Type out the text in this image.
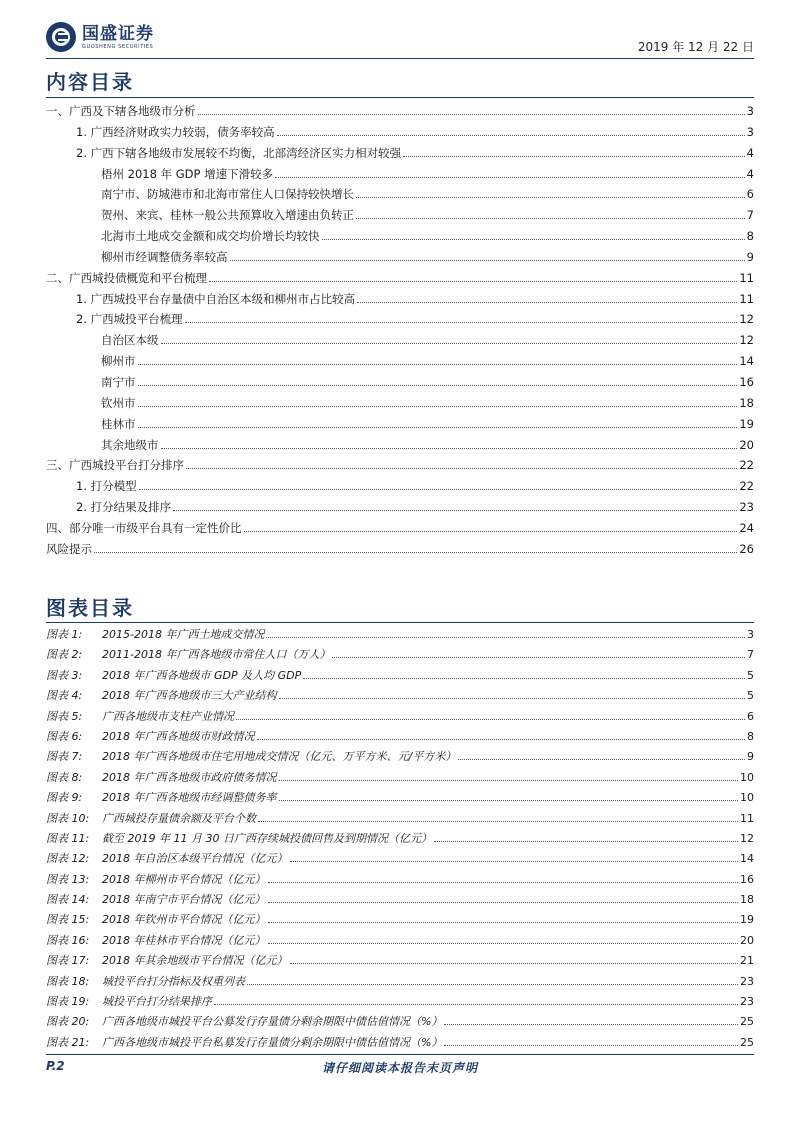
国盛证券
GUOSHENG SECURITIES	2019 年 12 月 22 日
内容目录
一、广西及下辖各地级市分析	3
1. 广西经济财政实力较弱，债务率较高	3
2. 广西下辖各地级市发展较不均衡，北部湾经济区实力相对较强	4
梧州 2018 年 GDP 增速下滑较多	4
南宁市、防城港市和北海市常住人口保持较快增长	6
贺州、来宾、桂林一般公共预算收入增速由负转正	7
北海市土地成交金额和成交均价增长均较快	8
柳州市经调整债务率较高	9
二、广西城投债概览和平台梳理	11
1. 广西城投平台存量债中自治区本级和柳州市占比较高	11
2. 广西城投平台梳理	12
自治区本级	12
柳州市	14
南宁市	16
钦州市	18
桂林市	19
其余地级市	20
三、广西城投平台打分排序	22
1. 打分模型	22
2. 打分结果及排序	23
四、部分唯一市级平台具有一定性价比	24
风险提示	26
图表目录
图表 1:	2015-2018 年广西土地成交情况	3
图表 2:	2011-2018 年广西各地级市常住人口（万人）	7
图表 3:	2018 年广西各地级市 GDP 及人均 GDP	5
图表 4:	2018 年广西各地级市三大产业结构	5
图表 5:	广西各地级市支柱产业情况	6
图表 6:	2018 年广西各地级市财政情况	8
图表 7:	2018 年广西各地级市住宅用地成交情况（亿元、万平方米、元/平方米）	9
图表 8:	2018 年广西各地级市政府债务情况	10
图表 9:	2018 年广西各地级市经调整债务率	10
图表 10:	广西城投存量债余额及平台个数	11
图表 11:	截至 2019 年 11 月 30 日广西存续城投债回售及到期情况（亿元）	12
图表 12:	2018 年自治区本级平台情况（亿元）	14
图表 13:	2018 年柳州市平台情况（亿元）	16
图表 14:	2018 年南宁市平台情况（亿元）	18
图表 15:	2018 年钦州市平台情况（亿元）	19
图表 16:	2018 年桂林市平台情况（亿元）	20
图表 17:	2018 年其余地级市平台情况（亿元）	21
图表 18:	城投平台打分指标及权重列表	23
图表 19:	城投平台打分结果排序	23
图表 20:	广西各地级市城投平台公募发行存量债分剩余期限中债估值情况（%）	25
图表 21:	广西各地级市城投平台私募发行存量债分剩余期限中债估值情况（%）	25
请仔细阅读本报告末页声明
P.2
